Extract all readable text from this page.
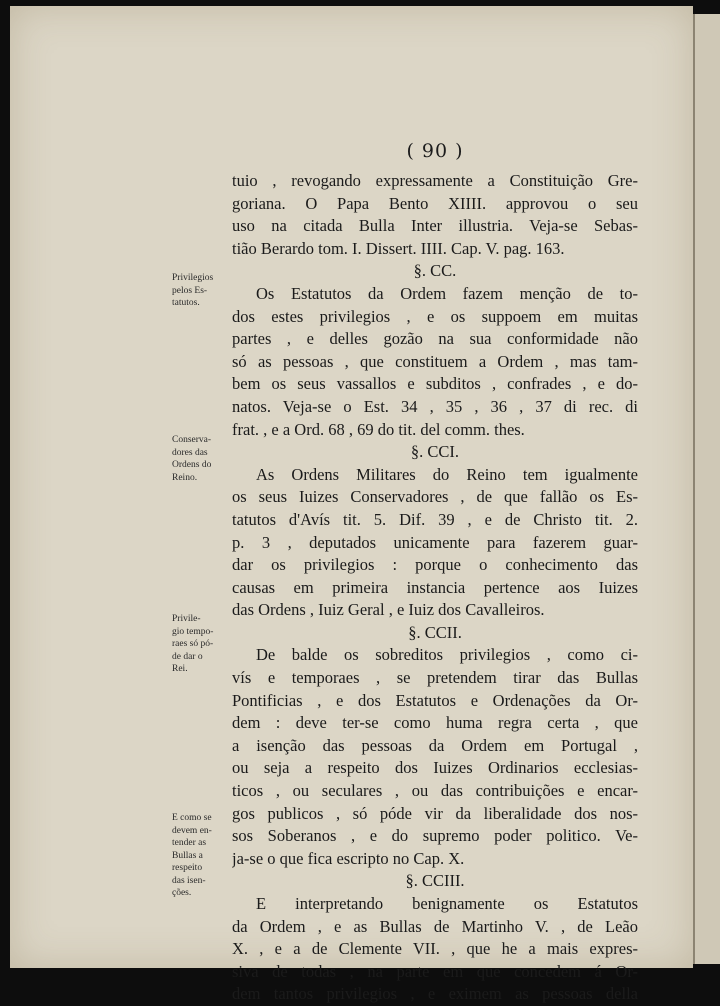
( 90 )
tuio , revogando expressamente a Constituição Gre-
goriana. O Papa Bento XIIII. approvou o seu
uso na citada Bulla Inter illustria. Veja-se Sebas-
tião Berardo tom. I. Dissert. IIII. Cap. V. pag. 163.
§. CC.
Os Estatutos da Ordem fazem menção de to-
dos estes privilegios , e os suppoem em muitas
partes , e delles gozão na sua conformidade não
só as pessoas , que constituem a Ordem , mas tam-
bem os seus vassallos e subditos , confrades , e do-
natos. Veja-se o Est. 34 , 35 , 36 , 37 di rec. di
frat. , e a Ord. 68 , 69 do tit. del comm. thes.
§. CCI.
As Ordens Militares do Reino tem igualmente
os seus Iuizes Conservadores , de que fallão os Es-
tatutos d'Avís tit. 5. Dif. 39 , e de Christo tit. 2.
p. 3 , deputados unicamente para fazerem guar-
dar os privilegios : porque o conhecimento das
causas em primeira instancia pertence aos Iuizes
das Ordens , Iuiz Geral , e Iuiz dos Cavalleiros.
§. CCII.
De balde os sobreditos privilegios , como ci-
vís e temporaes , se pretendem tirar das Bullas
Pontificias , e dos Estatutos e Ordenações da Or-
dem : deve ter-se como huma regra certa , que
a isenção das pessoas da Ordem em Portugal ,
ou seja a respeito dos Iuizes Ordinarios ecclesias-
ticos , ou seculares , ou das contribuições e encar-
gos publicos , só póde vir da liberalidade dos nos-
sos Soberanos , e do supremo poder politico. Ve-
ja-se o que fica escripto no Cap. X.
§. CCIII.
E interpretando benignamente os Estatutos
da Ordem , e as Bullas de Martinho V. , de Leão
X. , e a de Clemente VII. , que he a mais expres-
siva de todas , na parte em que concedem á Or-
dem tantos privilegios , e eximem as pessoas della
Privilegios
pelos Es-
tatutos.
Conserva-
dores das
Ordens do
Reino.
Privile-
gio tempo-
raes só pó-
de dar o
Rei.
E como se
devem en-
tender as
Bullas a
respeito
das isen-
ções.
